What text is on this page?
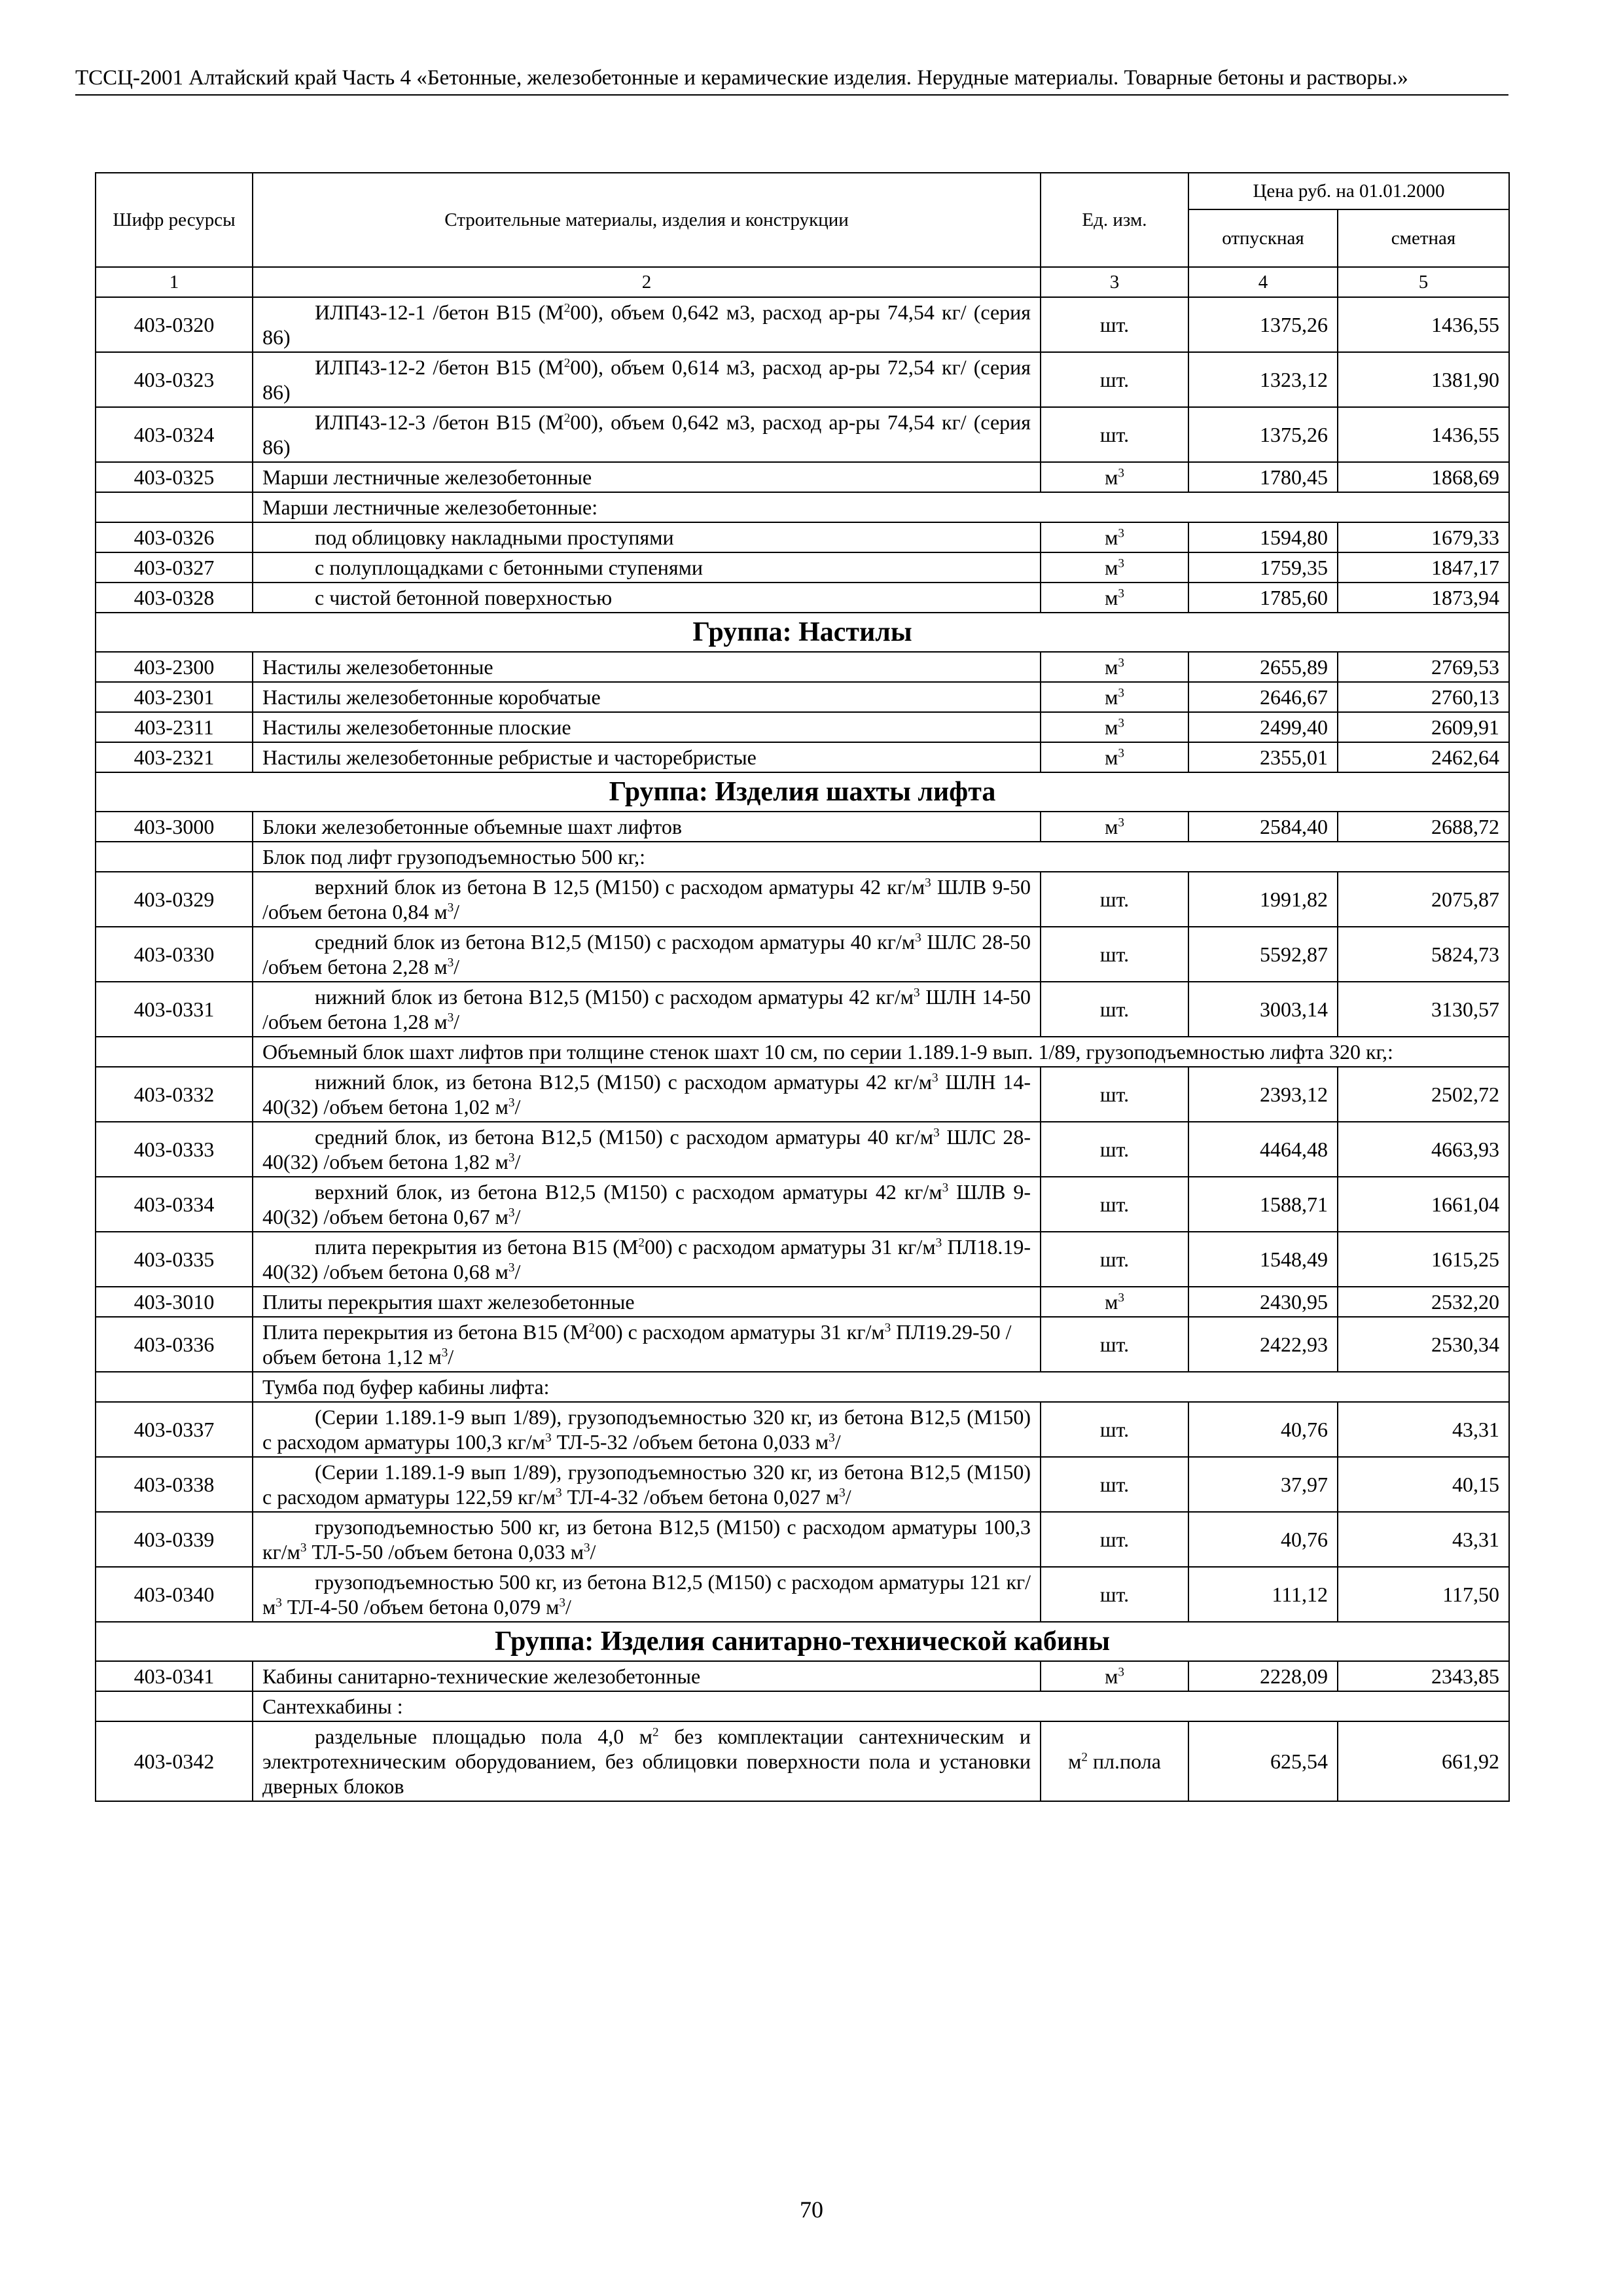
ТССЦ-2001 Алтайский край Часть 4 «Бетонные, железобетонные и керамические изделия. Нерудные материалы. Товарные бетоны и растворы.»
Шифр ресурсы	Строительные материалы, изделия и конструкции	Ед. изм.	Цена руб. на 01.01.2000	
			отпускная	сметная
1	2	3	4	5
403-0320	ИЛП43-12-1 /бетон В15 $(М^200)$, объем 0,642 м3, расход ар-ры 74,54 кг/ (серия 86)	шт.	1375,26	1436,55
403-0323	ИЛП43-12-2 /бетон В15 $(М^200)$, объем 0,614 м3, расход ар-ры 72,54 кг/ (серия 86)	шт.	1323,12	1381,90
403-0324	ИЛП43-12-3 /бетон В15 $(М^200)$, объем 0,642 м3, расход ар-ры 74,54 кг/ (серия 86)	шт.	1375,26	1436,55
403-0325	Марши лестничные железобетонные	$м^3$	1780,45	1868,69
	Марши лестничные железобетонные:			
403-0326	под облицовку накладными проступями	$м^3$	1594,80	1679,33
403-0327	с полуплощадками с бетонными ступенями	$м^3$	1759,35	1847,17
403-0328	с чистой бетонной поверхностью	$м^3$	1785,60	1873,94
Группа: Настилы				
403-2300	Настилы железобетонные	$м^3$	2655,89	2769,53
403-2301	Настилы железобетонные коробчатые	$м^3$	2646,67	2760,13
403-2311	Настилы железобетонные плоские	$м^3$	2499,40	2609,91
403-2321	Настилы железобетонные ребристые и часторебристые	$м^3$	2355,01	2462,64
Группа: Изделия шахты лифта				
403-3000	Блоки железобетонные объемные шахт лифтов	$м^3$	2584,40	2688,72
	Блок под лифт грузоподъемностью 500 кг,:			
403-0329	верхний блок из бетона В 12,5 (М150) с расходом арматуры 42 $кг/м^3$ ШЛВ 9-50 /объем бетона 0,84 $м^3/$	шт.	1991,82	2075,87
403-0330	средний блок из бетона В12,5 (М150) с расходом арматуры 40 $кг/м^3$ ШЛС 28-50 /объем бетона 2,28 $м^3/$	шт.	5592,87	5824,73
403-0331	нижний блок из бетона В12,5 (М150) с расходом арматуры 42 $кг/м^3$ ШЛН 14-50 /объем бетона 1,28 $м^3/$	шт.	3003,14	3130,57
	Объемный блок шахт лифтов при толщине стенок шахт 10 см, по серии 1.189.1-9 вып. 1/89, грузоподъемностью лифта 320 кг,:			
403-0332	нижний блок, из бетона В12,5 (М150) с расходом арматуры 42 $кг/м^3$ ШЛН 14-40(32) /объем бетона 1,02 $м^3/$	шт.	2393,12	2502,72
403-0333	средний блок, из бетона В12,5 (М150) с расходом арматуры 40 $кг/м^3$ ШЛС 28-40(32) /объем бетона 1,82 $м^3/$	шт.	4464,48	4663,93
403-0334	верхний блок, из бетона В12,5 (М150) с расходом арматуры 42 $кг/м^3$ ШЛВ 9-40(32) /объем бетона 0,67 $м^3/$	шт.	1588,71	1661,04
403-0335	плита перекрытия из бетона В15 $(М^200)$ с расходом арматуры 31 $кг/м^3$ ПЛ18.19-40(32) /объем бетона 0,68 $м^3/$	шт.	1548,49	1615,25
403-3010	Плиты перекрытия шахт железобетонные	$м^3$	2430,95	2532,20
403-0336	Плита перекрытия из бетона В15 $(М^200)$ с расходом арматуры 31 $кг/м^3$ ПЛ19.29-50 /объем бетона 1,12 $м^3/$	шт.	2422,93	2530,34
	Тумба под буфер кабины лифта:			
403-0337	(Серии 1.189.1-9 вып 1/89), грузоподъемностью 320 кг, из бетона В12,5 (М150) с расходом арматуры 100,3 $кг/м^3$ ТЛ-5-32 /объем бетона 0,033 $м^3/$	шт.	40,76	43,31
403-0338	(Серии 1.189.1-9 вып 1/89), грузоподъемностью 320 кг, из бетона В12,5 (М150) с расходом арматуры 122,59 $кг/м^3$ ТЛ-4-32 /объем бетона 0,027 $м^3/$	шт.	37,97	40,15
403-0339	грузоподъемностью 500 кг, из бетона В12,5 (М150) с расходом арматуры 100,3 $кг/м^3$ ТЛ-5-50 /объем бетона 0,033 $м^3/$	шт.	40,76	43,31
403-0340	грузоподъемностью 500 кг, из бетона В12,5 (М150) с расходом арматуры 121 $кг/м^3$ ТЛ-4-50 /объем бетона 0,079 $м^3/$	шт.	111,12	117,50
Группа: Изделия санитарно-технической кабины				
403-0341	Кабины санитарно-технические железобетонные	$м^3$	2228,09	2343,85
	Сантехкабины :			
403-0342	раздельные площадью пола 4,0 $м^2$ без комплектации сантехническим и электротехническим оборудованием, без облицовки поверхности пола и установки дверных блоков	$м^2$ пл.пола	625,54	661,92
70
